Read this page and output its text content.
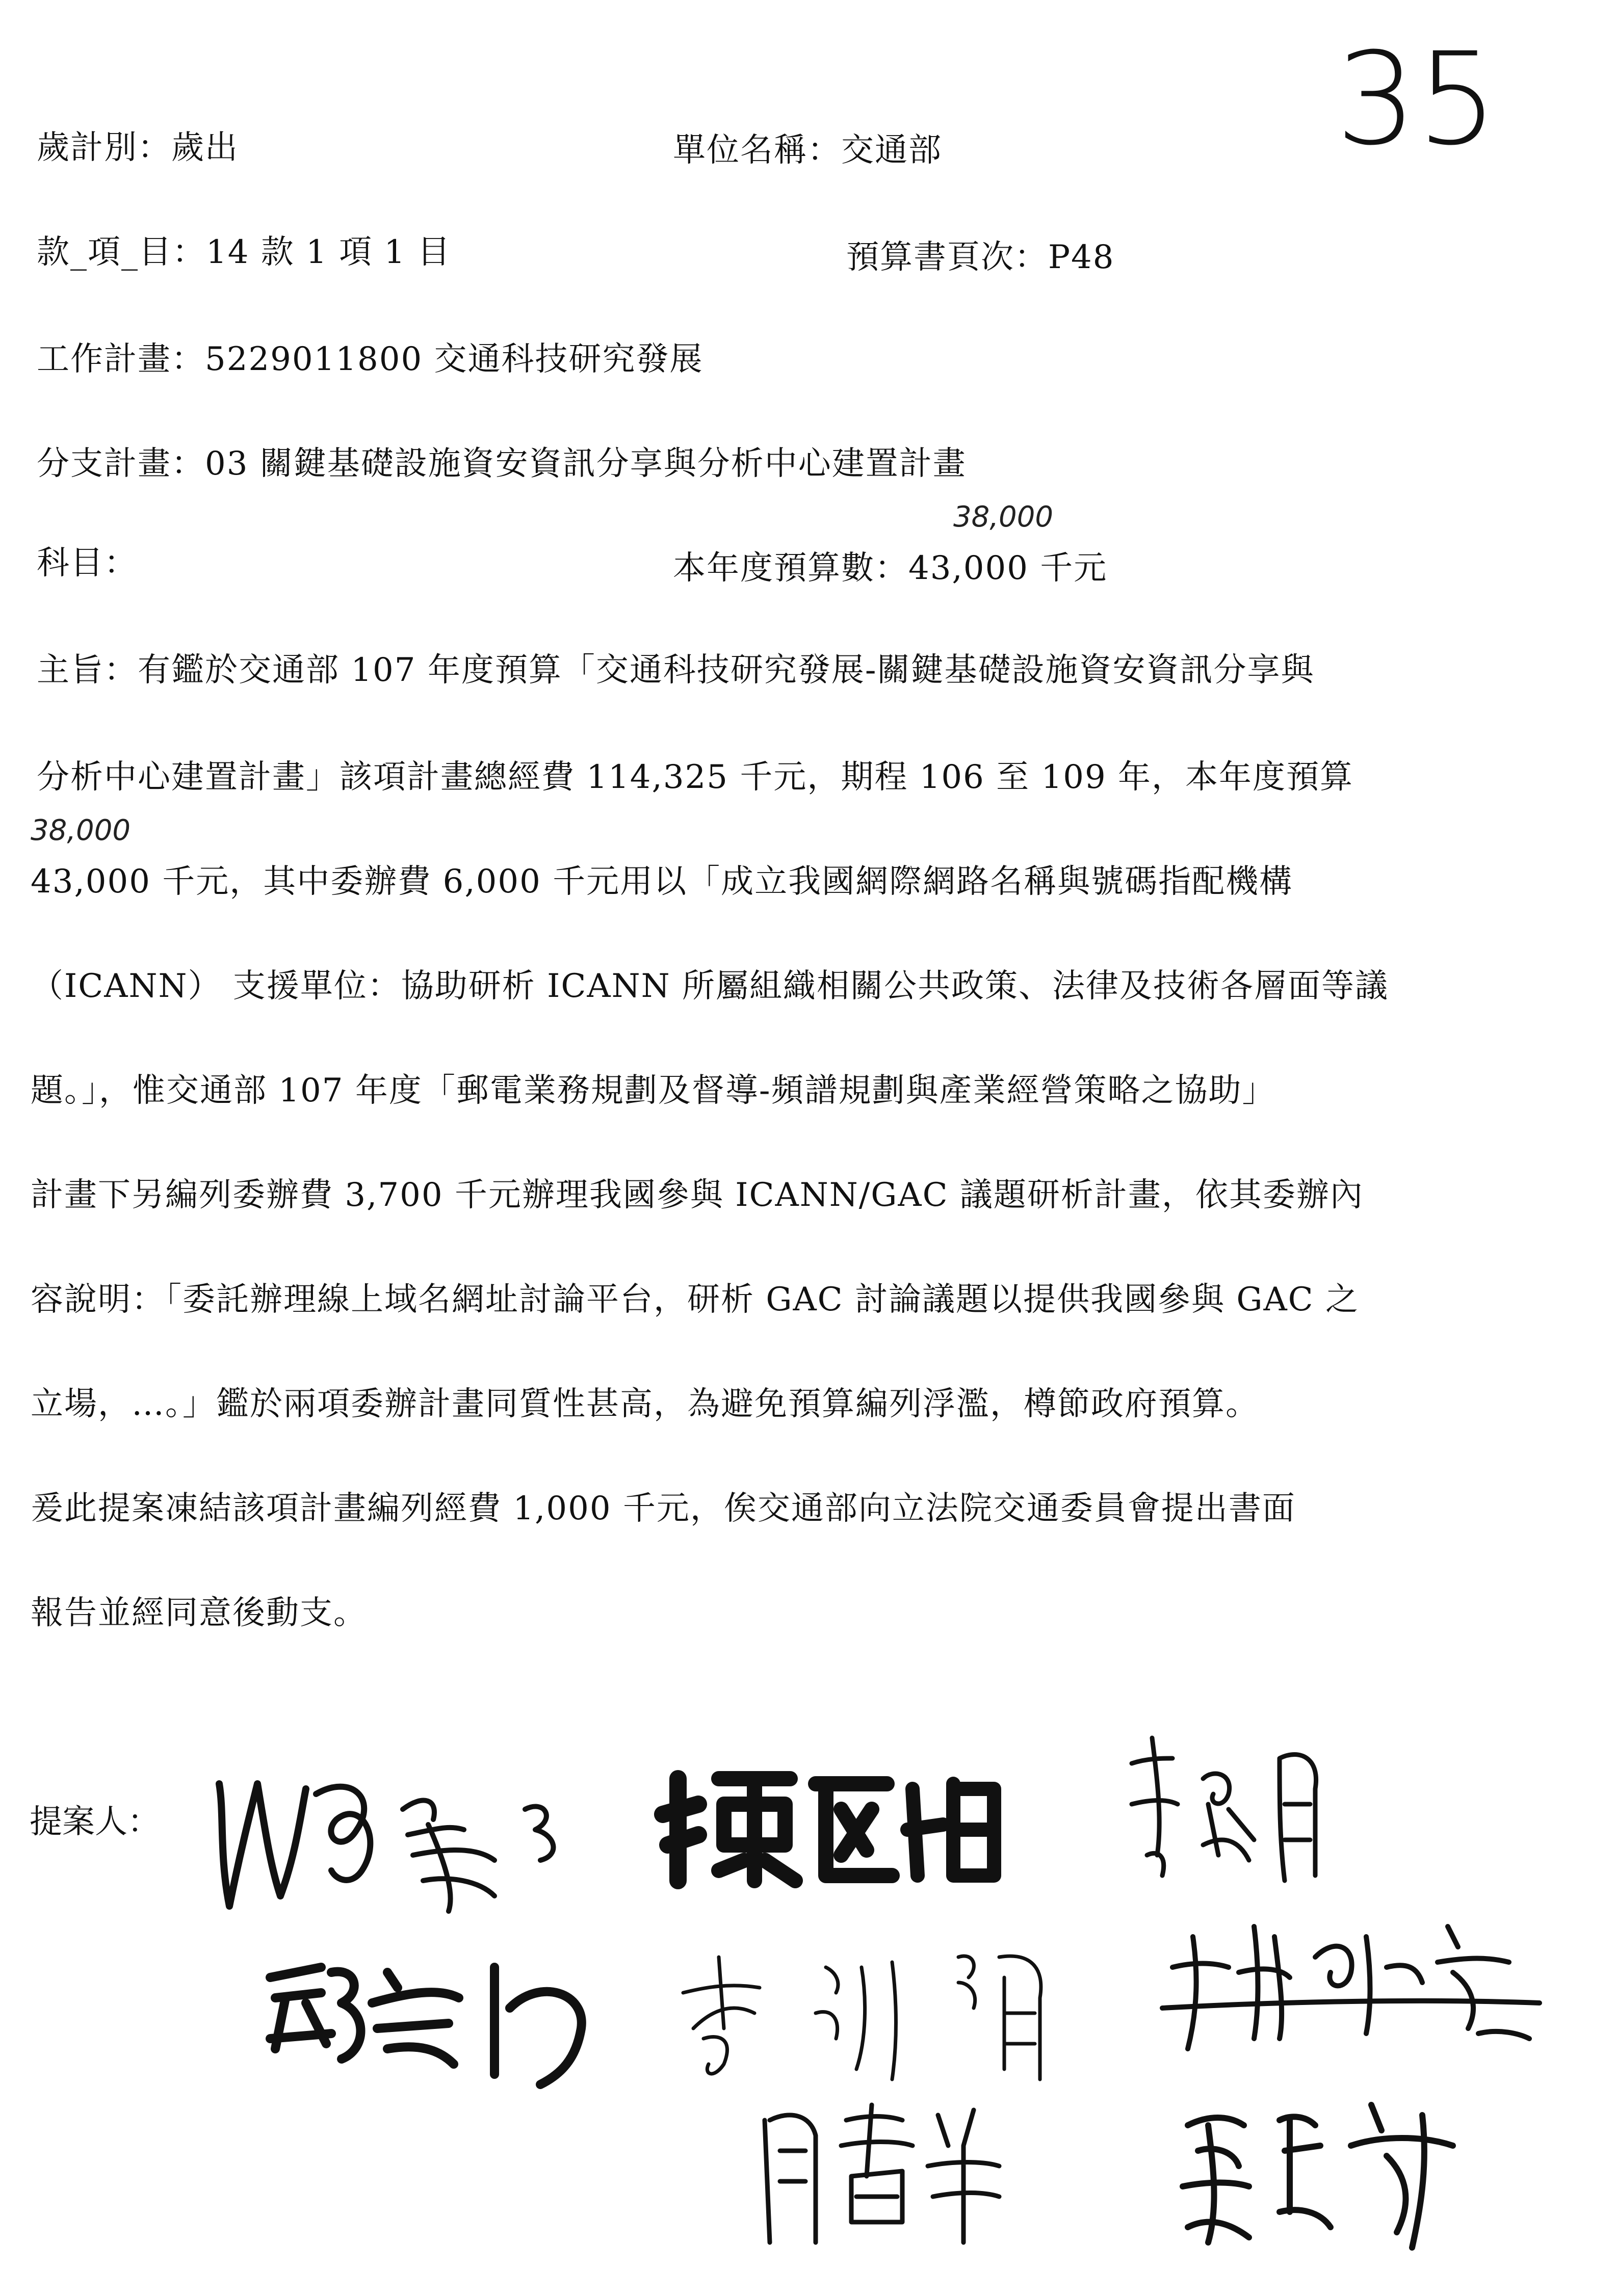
35
歲計別：歲出	單位名稱：交通部
款_項_目：14 款 1 項 1 目	預算書頁次：P48
工作計畫：5229011800 交通科技研究發展
分支計畫：03 關鍵基礎設施資安資訊分享與分析中心建置計畫
38,000
科目：	本年度預算數：43,000 千元
主旨：有鑑於交通部 107 年度預算「交通科技研究發展-關鍵基礎設施資安資訊分享與
分析中心建置計畫」該項計畫總經費 114,325 千元，期程 106 至 109 年，本年度預算
38,000
43,000 千元，其中委辦費 6,000 千元用以「成立我國網際網路名稱與號碼指配機構
（ICANN） 支援單位：協助研析 ICANN 所屬組織相關公共政策、法律及技術各層面等議
題。」，惟交通部 107 年度「郵電業務規劃及督導-頻譜規劃與產業經營策略之協助」
計畫下另編列委辦費 3,700 千元辦理我國參與 ICANN/GAC 議題研析計畫，依其委辦內
容說明：「委託辦理線上域名網址討論平台，研析 GAC 討論議題以提供我國參與 GAC 之
立場，…。」鑑於兩項委辦計畫同質性甚高，為避免預算編列浮濫，樽節政府預算。
爰此提案凍結該項計畫編列經費 1,000 千元，俟交通部向立法院交通委員會提出書面
報告並經同意後動支。
提案人：
